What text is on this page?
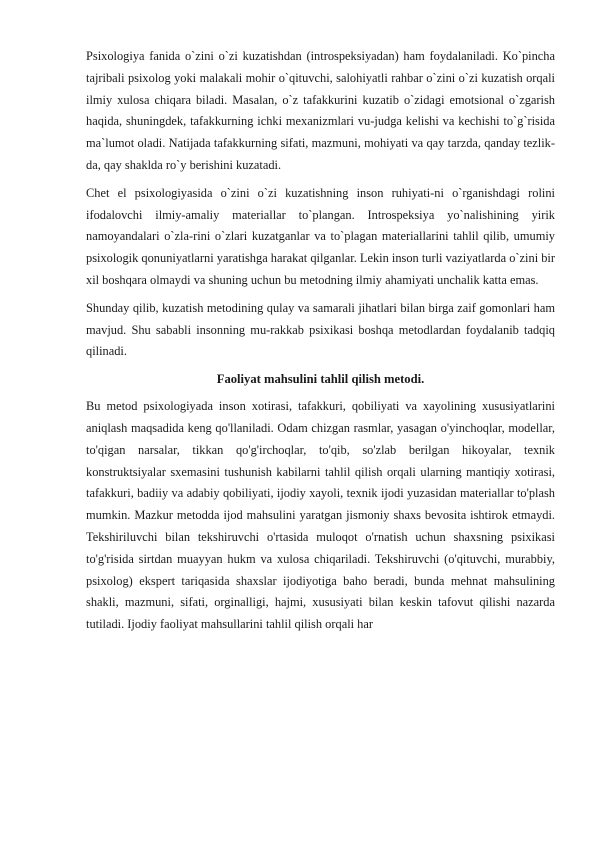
​

Psixologiya fanida o`zini o`zi kuzatishdan (introspeksiyadan) ham foydalaniladi. Ko`pincha tajribali psixolog yoki malakali mohir o`qituvchi, salohiyatli rahbar o`zini o`zi kuzatish orqali ilmiy xulosa chiqara biladi. Masalan, o`z tafakkurini kuzatib o`zidagi emotsional o`zgarish haqida, shuningdek, tafakkurning ichki mexanizmlari vu-judga kelishi va kechishi to`g`risida ma`lumot oladi. Natijada tafakkurning sifati, mazmuni, mohiyati va qay tarzda, qanday tezlik-da, qay shaklda ro`y berishini kuzatadi.

Chet el psixologiyasida o`zini o`zi kuzatishning inson ruhiyati-ni o`rganishdagi rolini ifodalovchi ilmiy-amaliy materiallar to`plangan. Introspeksiya yo`nalishining yirik namoyandalari o`zla-rini o`zlari kuzatganlar va to`plagan materiallarini tahlil qilib, umumiy psixologik qonuniyatlarni yaratishga harakat qilganlar. Lekin inson turli vaziyatlarda o`zini bir xil boshqara olmaydi va shuning uchun bu metodning ilmiy ahamiyati unchalik katta emas.

Shunday qilib, kuzatish metodining qulay va samarali jihatlari bilan birga zaif gomonlari ham mavjud. Shu sababli insonning mu-rakkab psixikasi boshqa metodlardan foydalanib tadqiq qilinadi.

Faoliyat mahsulini tahlil qilish metodi.

Bu metod psixologiyada inson xotirasi, tafakkuri, qobiliyati va xayolining xususiyatlarini aniqlash maqsadida keng qo'llaniladi. Odam chizgan rasmlar, yasagan o'yinchoqlar, modellar, to'qigan narsalar, tikkan qo'g'irchoqlar, to'qib, so'zlab berilgan hikoyalar, texnik konstruktsiyalar sxemasini tushunish kabilarni tahlil qilish orqali ularning mantiqiy xotirasi, tafakkuri, badiiy va adabiy qobiliyati, ijodiy xayoli, texnik ijodi yuzasidan materiallar to'plash mumkin. Mazkur metodda ijod mahsulini yaratgan jismoniy shaxs bevosita ishtirok etmaydi. Tekshiriluvchi bilan tekshiruvchi o'rtasida muloqot o'rnatish uchun shaxsning psixikasi to'g'risida sirtdan muayyan hukm va xulosa chiqariladi. Tekshiruvchi (o'qituvchi, murabbiy, psixolog) ekspert tariqasida shaxslar ijodiyotiga baho beradi, bunda mehnat mahsulining shakli, mazmuni, sifati, orginalligi, hajmi, xususiyati bilan keskin tafovut qilishi nazarda tutiladi. Ijodiy faoliyat mahsullarini tahlil qilish orqali har
